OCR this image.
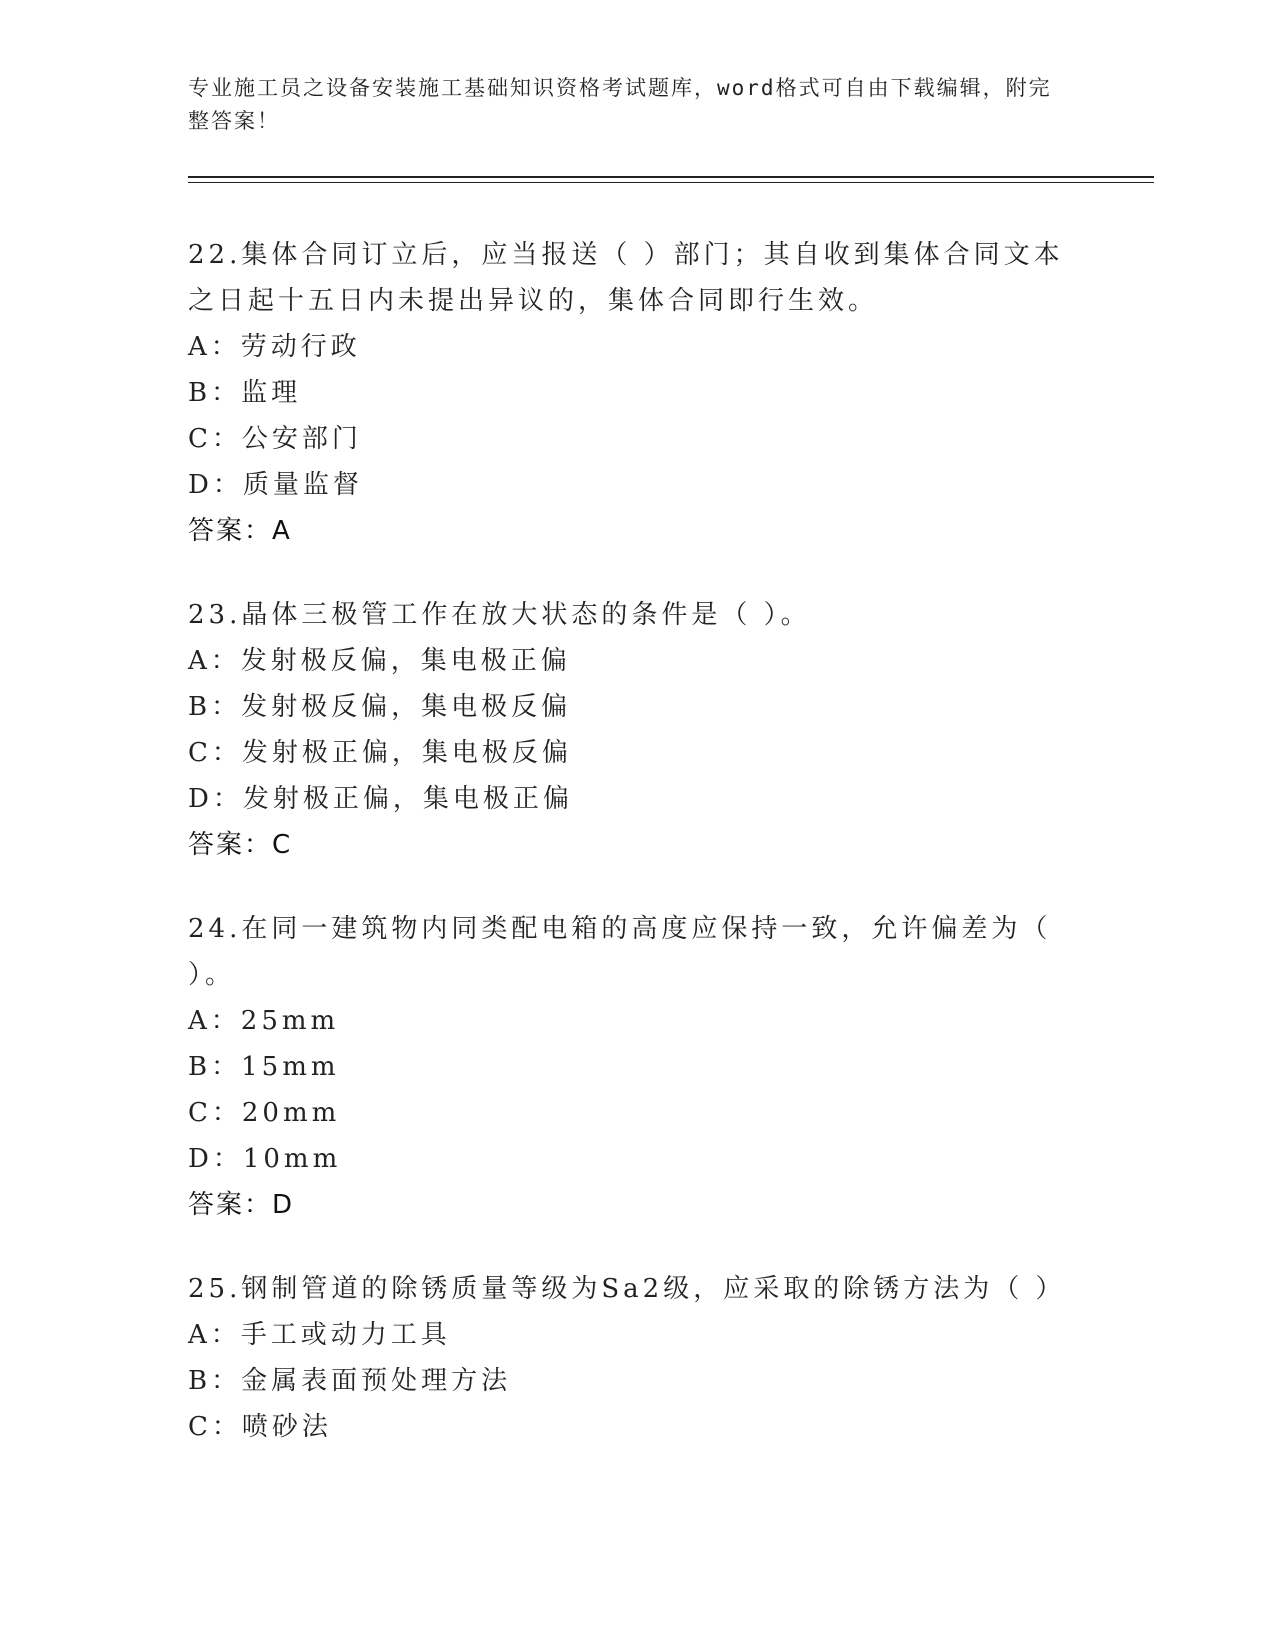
专业施工员之设备安装施工基础知识资格考试题库，word格式可自由下载编辑，附完整答案！

22.集体合同订立后，应当报送（ ）部门；其自收到集体合同文本之日起十五日内未提出异议的，集体合同即行生效。

A：劳动行政

B：监理

C：公安部门

D：质量监督

答案：A

23.晶体三极管工作在放大状态的条件是（ ）。

A：发射极反偏，集电极正偏

B：发射极反偏，集电极反偏

C：发射极正偏，集电极反偏

D：发射极正偏，集电极正偏

答案：C

24.在同一建筑物内同类配电箱的高度应保持一致，允许偏差为（ ）。

A：25mm

B：15mm

C：20mm

D：10mm

答案：D

25.钢制管道的除锈质量等级为Sa2级，应采取的除锈方法为（ ）

A：手工或动力工具

B：金属表面预处理方法

C：喷砂法
